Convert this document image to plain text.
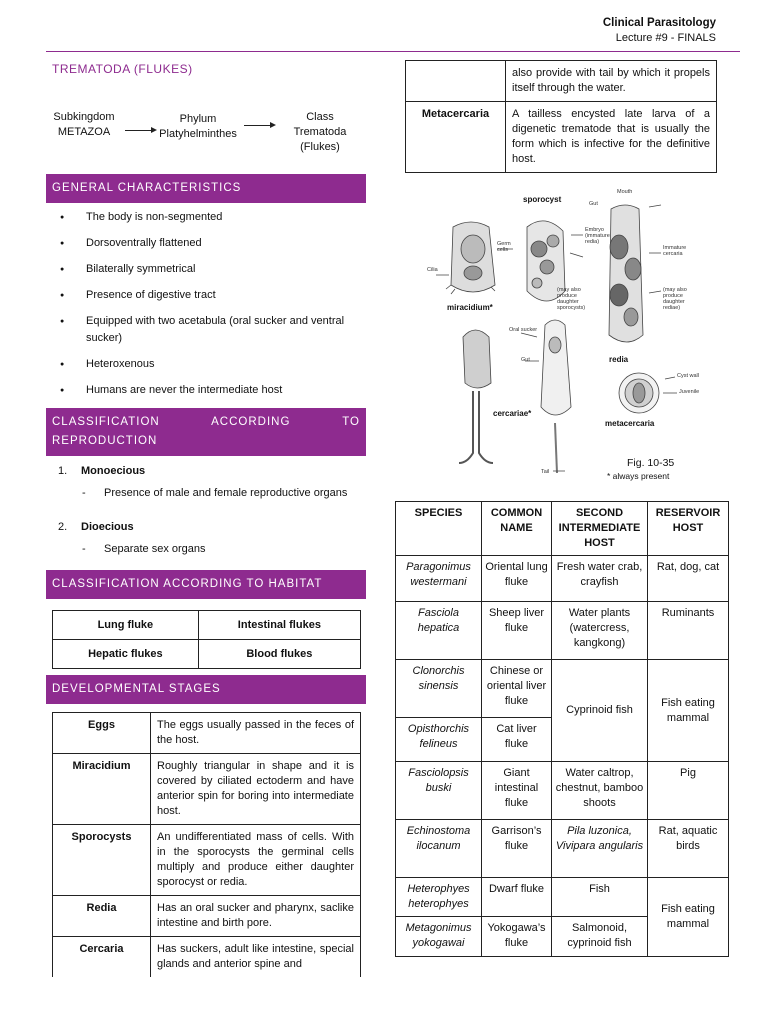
Clinical Parasitology
Lecture #9 - FINALS
TREMATODA (FLUKES)
Subkingdom
METAZOA
Phylum
Platyhelminthes
Class
Trematoda
(Flukes)
GENERAL CHARACTERISTICS
● The body is non-segmented
● Dorsoventrally flattened
● Bilaterally symmetrical
● Presence of digestive tract
● Equipped with two acetabula (oral sucker and ventral sucker)
● Heteroxenous
● Humans are never the intermediate host
CLASSIFICATION ACCORDING TO
REPRODUCTION
1. Monoecious
- Presence of male and female reproductive organs
2. Dioecious
- Separate sex organs
CLASSIFICATION ACCORDING TO HABITAT
Lung fluke	Intestinal flukes
Hepatic flukes	Blood flukes
DEVELOPMENTAL STAGES
Eggs	The eggs usually passed in the feces of the host.
Miracidium	Roughly triangular in shape and it is covered by ciliated ectoderm and have anterior spin for boring into intermediate host.
Sporocysts	An undifferentiated mass of cells. With in the sporocysts the germinal cells multiply and produce either daughter sporocyst or redia.
Redia	Has an oral sucker and pharynx, saclike intestine and birth pore.
Cercaria	Has suckers, adult like intestine, special glands and anterior spine and
	also provide with tail by which it propels itself through the water.
Metacercaria	A tailless encysted late larva of a digenetic trematode that is usually the form which is infective for the definitive host.
sporocyst
miracidium*
redia
cercariae*
metacercaria
Mouth
Gut
Embryo (immature redia)
Germ cells
Cilia
(may also produce daughter sporocysts)
Immature cercaria
(may also produce daughter rediae)
Oral sucker
Gut
Tail
Cyst wall
Juvenile
Fig. 10-35
* always present
SPECIES	COMMON NAME	SECOND INTERMEDIATE HOST	RESERVOIR HOST
Paragonimus westermani	Oriental lung fluke	Fresh water crab, crayfish	Rat, dog, cat
Fasciola hepatica	Sheep liver fluke	Water plants (watercress, kangkong)	Ruminants
Clonorchis sinensis	Chinese or oriental liver fluke	Cyprinoid fish	Fish eating mammal
Opisthorchis felineus	Cat liver fluke		
Fasciolopsis buski	Giant intestinal fluke	Water caltrop, chestnut, bamboo shoots	Pig
Echinostoma ilocanum	Garrison’s fluke	Pila luzonica, Vivipara angularis	Rat, aquatic birds
Heterophyes heterophyes	Dwarf fluke	Fish	Fish eating mammal
Metagonimus yokogawai	Yokogawa’s fluke	Salmonoid, cyprinoid fish	
